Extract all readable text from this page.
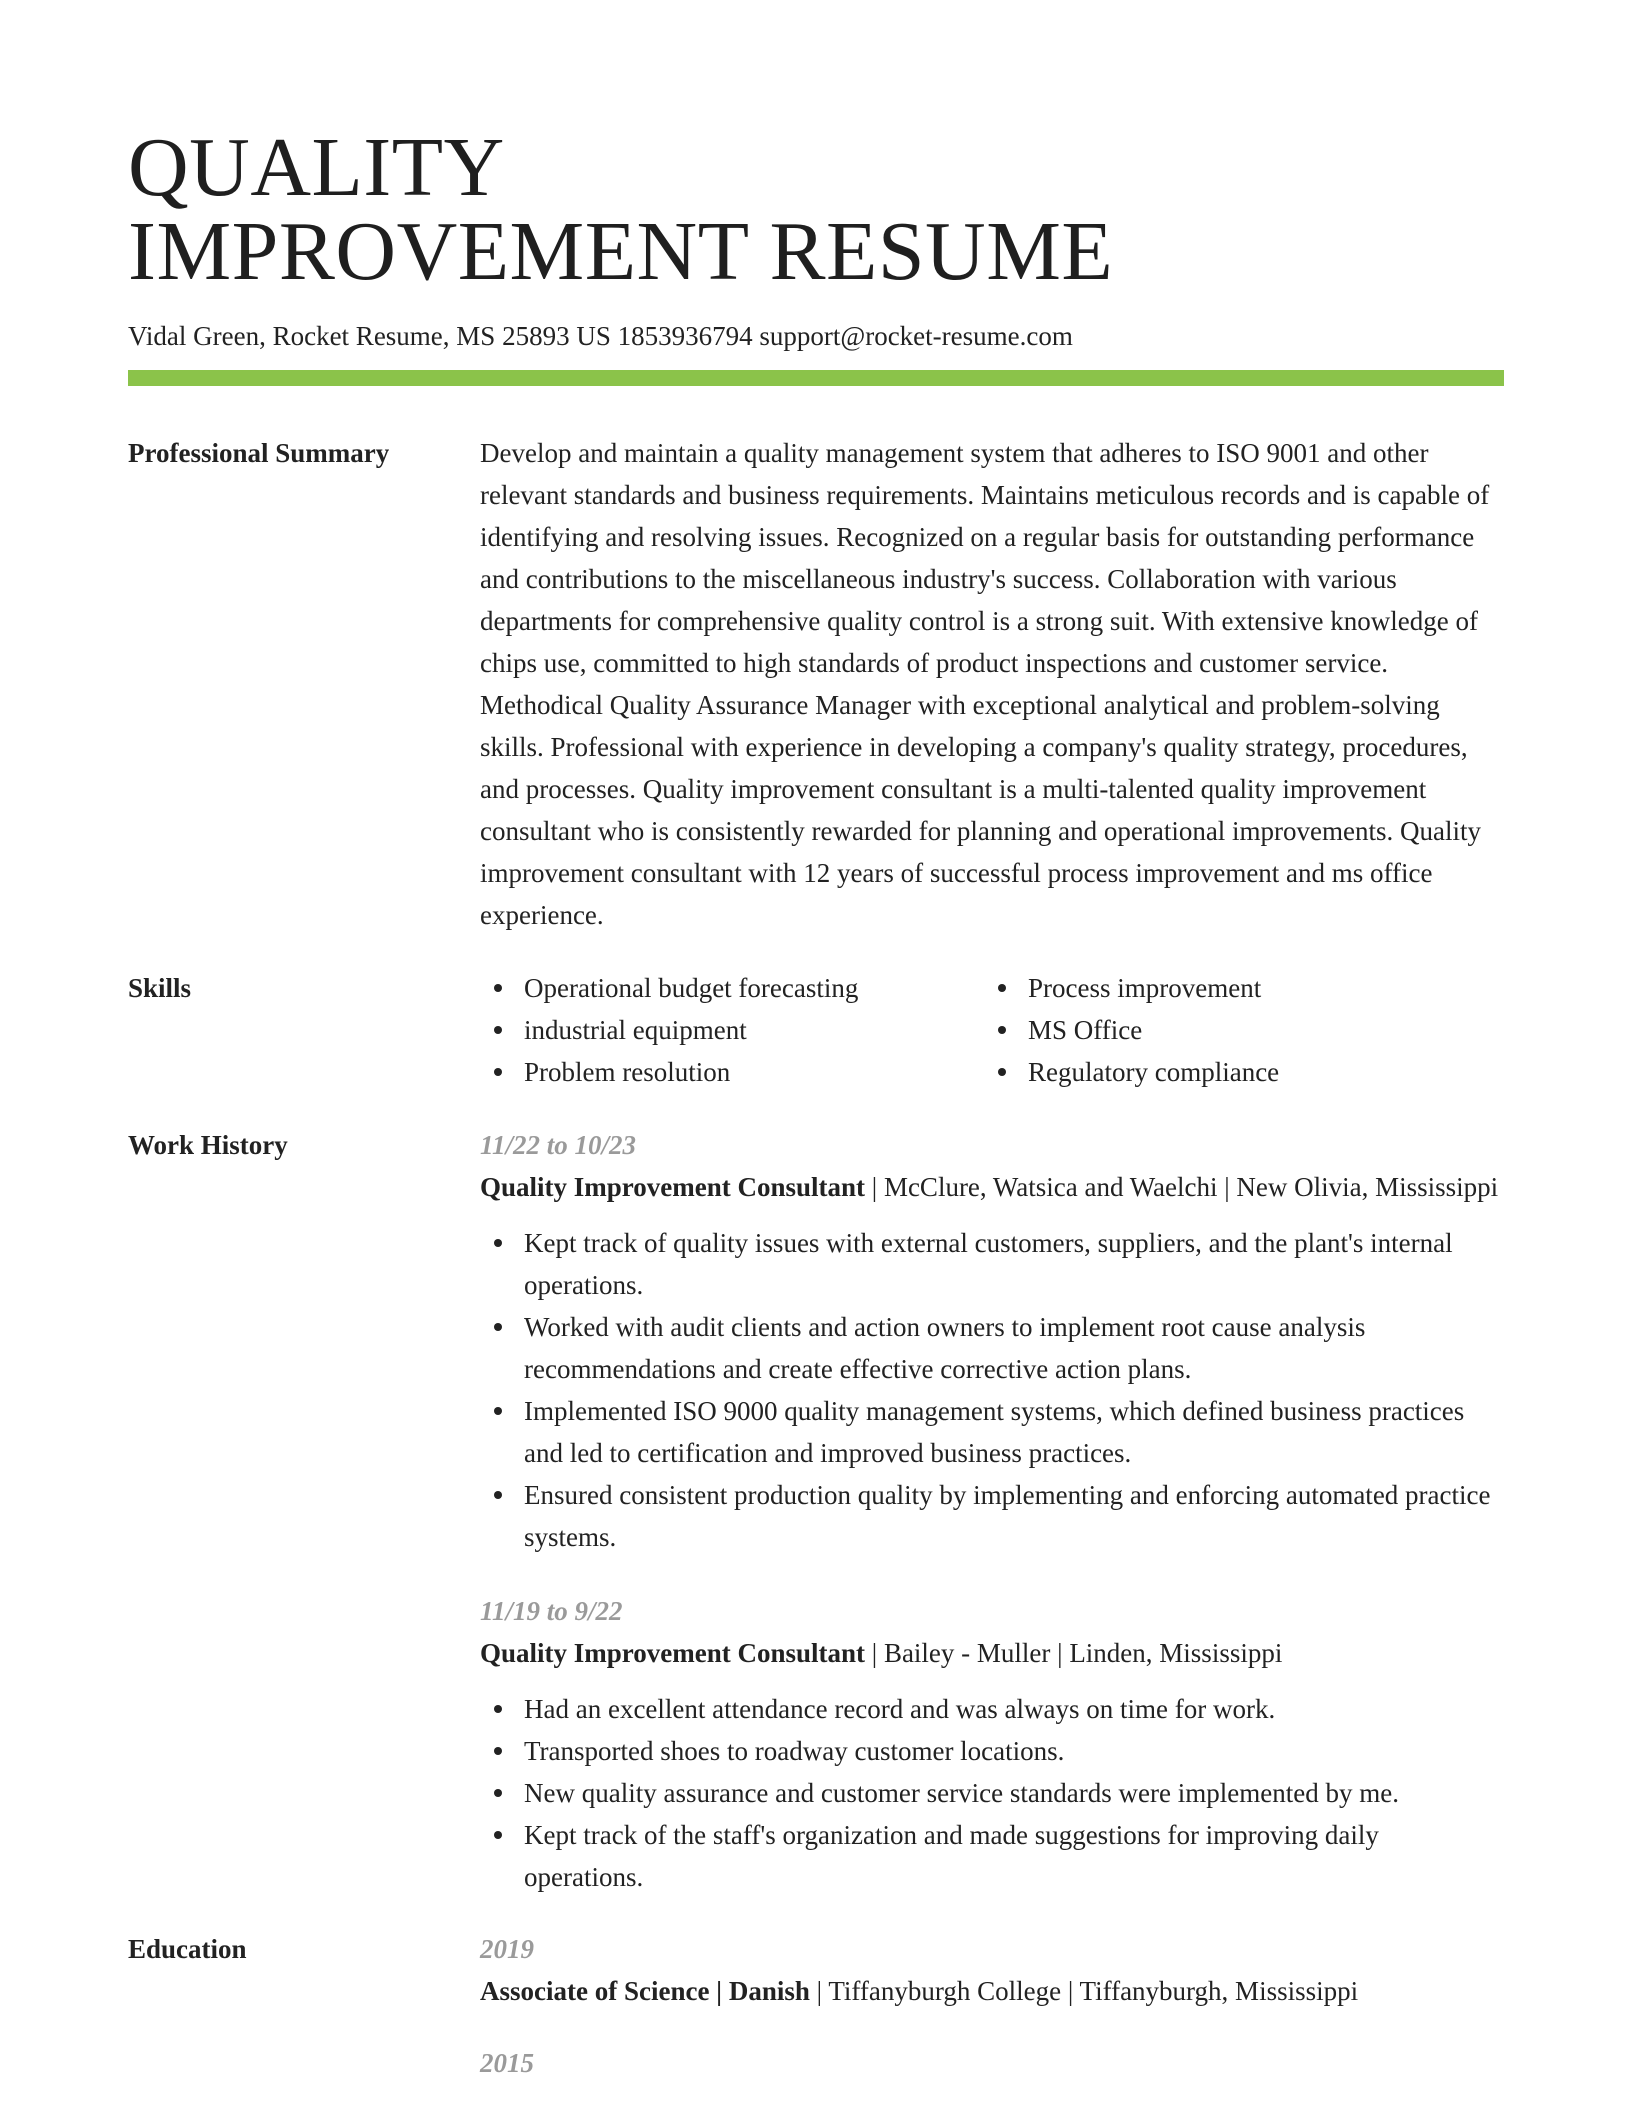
QUALITY
IMPROVEMENT RESUME
Vidal Green, Rocket Resume, MS 25893 US 1853936794 support@rocket-resume.com
Professional Summary	Develop and maintain a quality management system that adheres to ISO 9001 and other relevant standards and business requirements. Maintains meticulous records and is capable of identifying and resolving issues. Recognized on a regular basis for outstanding performance and contributions to the miscellaneous industry's success. Collaboration with various departments for comprehensive quality control is a strong suit. With extensive knowledge of chips use, committed to high standards of product inspections and customer service. Methodical Quality Assurance Manager with exceptional analytical and problem-solving skills. Professional with experience in developing a company's quality strategy, procedures, and processes. Quality improvement consultant is a multi-talented quality improvement consultant who is consistently rewarded for planning and operational improvements. Quality improvement consultant with 12 years of successful process improvement and ms office experience.

Skills	Operational budget forecasting	Process improvement
industrial equipment	MS Office
Problem resolution	Regulatory compliance
Work History	11/22 to 10/23
Quality Improvement Consultant | McClure, Watsica and Waelchi | New Olivia, Mississippi
Kept track of quality issues with external customers, suppliers, and the plant's internal operations.
Worked with audit clients and action owners to implement root cause analysis recommendations and create effective corrective action plans.
Implemented ISO 9000 quality management systems, which defined business practices and led to certification and improved business practices.
Ensured consistent production quality by implementing and enforcing automated practice systems.
11/19 to 9/22
Quality Improvement Consultant | Bailey - Muller | Linden, Mississippi
Had an excellent attendance record and was always on time for work.
Transported shoes to roadway customer locations.
New quality assurance and customer service standards were implemented by me.
Kept track of the staff's organization and made suggestions for improving daily operations.
Education	2019
Associate of Science | Danish | Tiffanyburgh College | Tiffanyburgh, Mississippi
2015
